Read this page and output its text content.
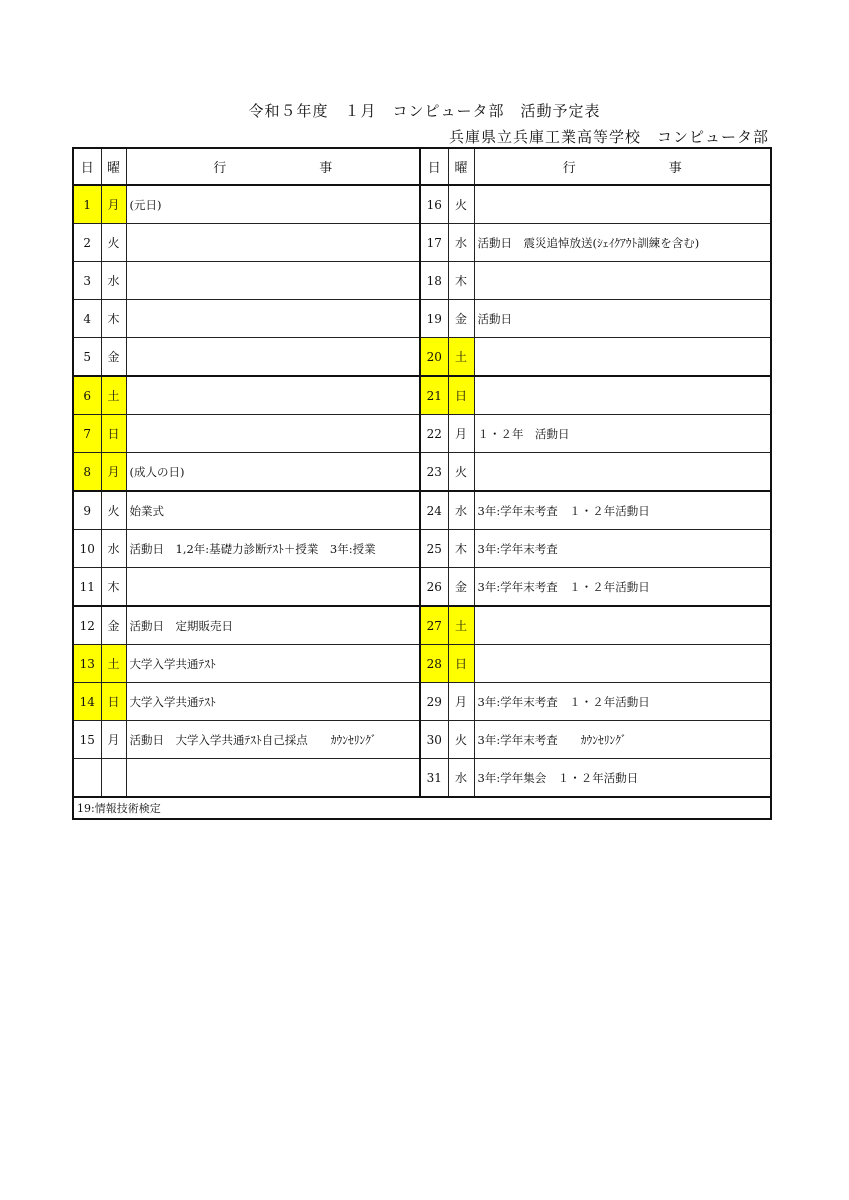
令和５年度　１月　コンピュータ部　活動予定表
兵庫県立兵庫工業高等学校　コンピュータ部
日	曜	行　事	日	曜	行　事
1	月	(元日)	16	火	
2	火		17	水	活動日　震災追悼放送(ｼｪｲｸｱｳﾄ訓練を含む)
3	水		18	木	
4	木		19	金	活動日
5	金		20	土	
6	土		21	日	
7	日		22	月	１・２年　活動日
8	月	(成人の日)	23	火	
9	火	始業式	24	水	3年:学年末考査　１・２年活動日
10	水	活動日　1,2年:基礎力診断ﾃｽﾄ＋授業　3年:授業	25	木	3年:学年末考査
11	木		26	金	3年:学年末考査　１・２年活動日
12	金	活動日　定期販売日	27	土	
13	土	大学入学共通ﾃｽﾄ	28	日	
14	日	大学入学共通ﾃｽﾄ	29	月	3年:学年末考査　１・２年活動日
15	月	活動日　大学入学共通ﾃｽﾄ自己採点　　ｶｳﾝｾﾘﾝｸﾞ	30	火	3年:学年末考査　　ｶｳﾝｾﾘﾝｸﾞ
			31	水	3年:学年集会　１・２年活動日
19:情報技術検定					
